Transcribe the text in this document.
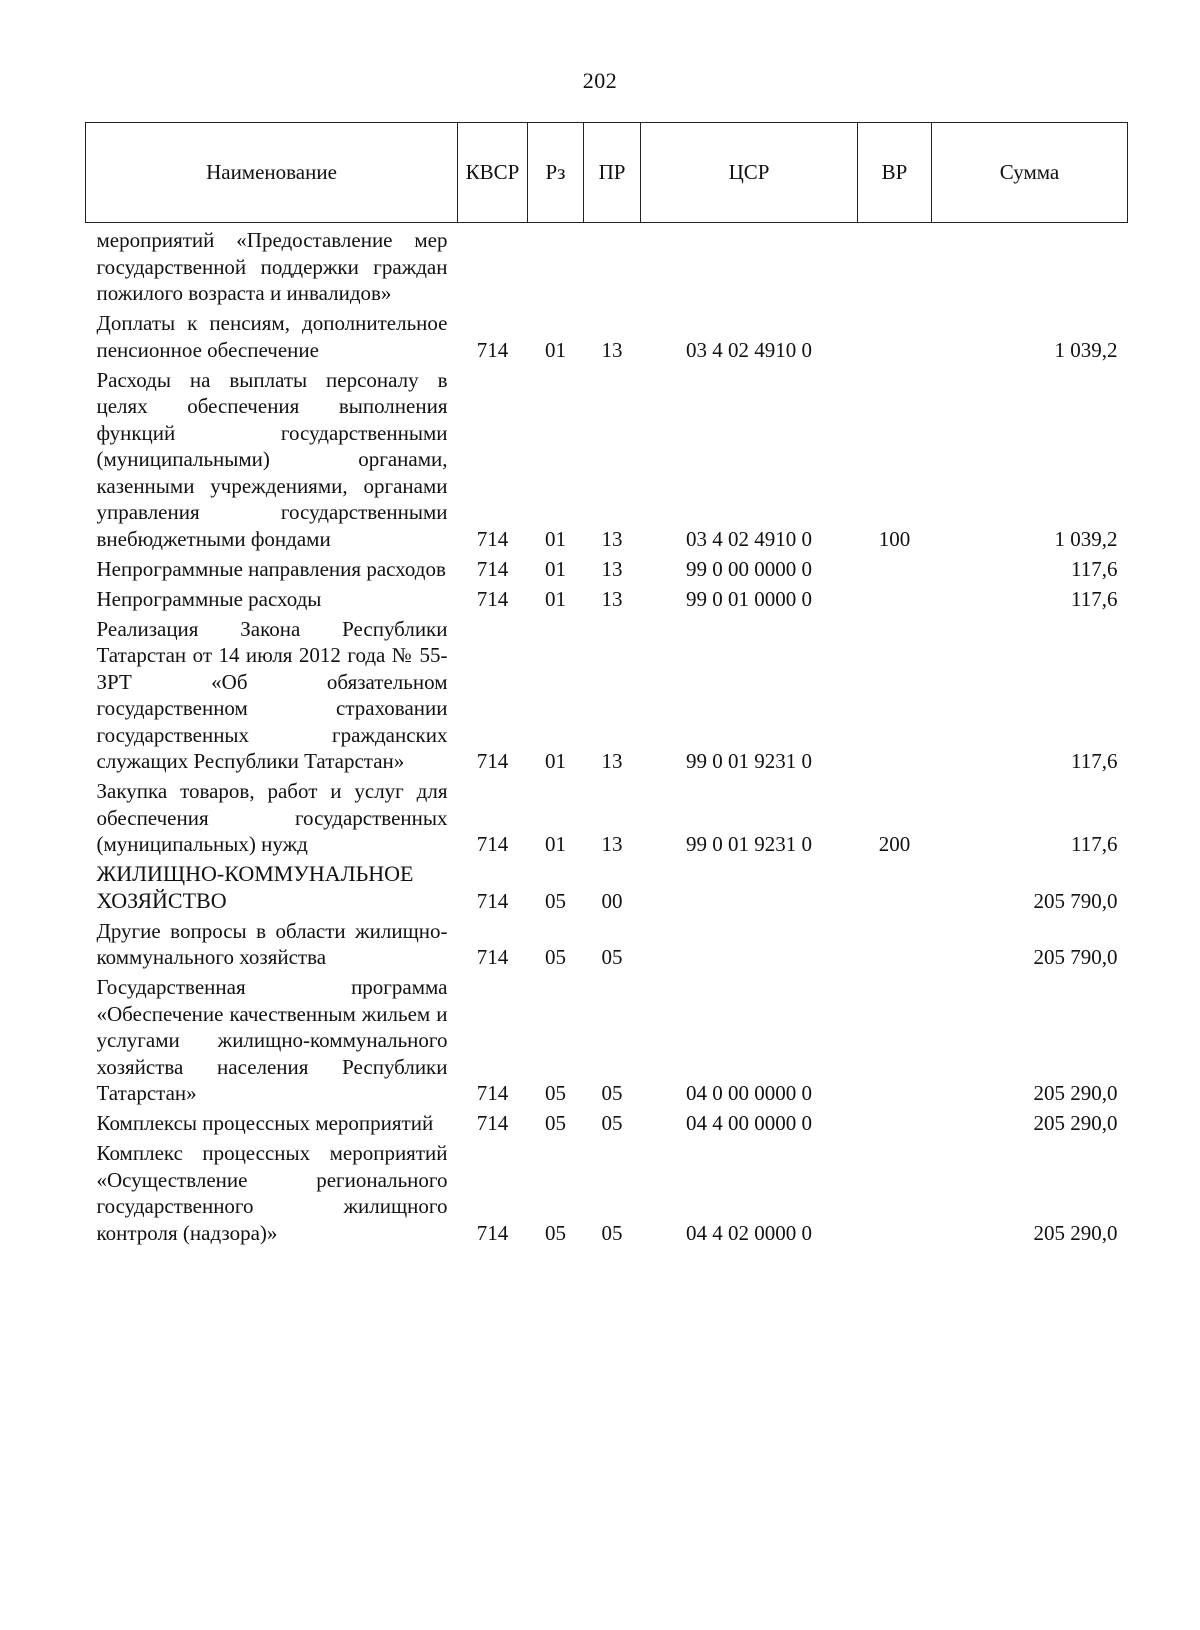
202
Наименование	КВСР	Рз	ПР	ЦСР	ВР	Сумма
мероприятий «Предоставление мер государственной поддержки граждан пожилого возраста и инвалидов»						
Доплаты к пенсиям, дополнительное пенсионное обеспечение	714	01	13	03 4 02 4910 0		1 039,2
Расходы на выплаты персоналу в целях обеспечения выполнения функций государственными (муниципальными) органами, казенными учреждениями, органами управления государственными внебюджетными фондами	714	01	13	03 4 02 4910 0	100	1 039,2
Непрограммные направления расходов	714	01	13	99 0 00 0000 0		117,6
Непрограммные расходы	714	01	13	99 0 01 0000 0		117,6
Реализация Закона Республики Татарстан от 14 июля 2012 года № 55-ЗРТ «Об обязательном государственном страховании государственных гражданских служащих Республики Татарстан»	714	01	13	99 0 01 9231 0		117,6
Закупка товаров, работ и услуг для обеспечения государственных (муниципальных) нужд	714	01	13	99 0 01 9231 0	200	117,6
ЖИЛИЩНО-КОММУНАЛЬНОЕ ХОЗЯЙСТВО	714	05	00			205 790,0
Другие вопросы в области жилищно-коммунального хозяйства	714	05	05			205 790,0
Государственная программа «Обеспечение качественным жильем и услугами жилищно-коммунального хозяйства населения Республики Татарстан»	714	05	05	04 0 00 0000 0		205 290,0
Комплексы процессных мероприятий	714	05	05	04 4 00 0000 0		205 290,0
Комплекс процессных мероприятий «Осуществление регионального государственного жилищного контроля (надзора)»	714	05	05	04 4 02 0000 0		205 290,0
